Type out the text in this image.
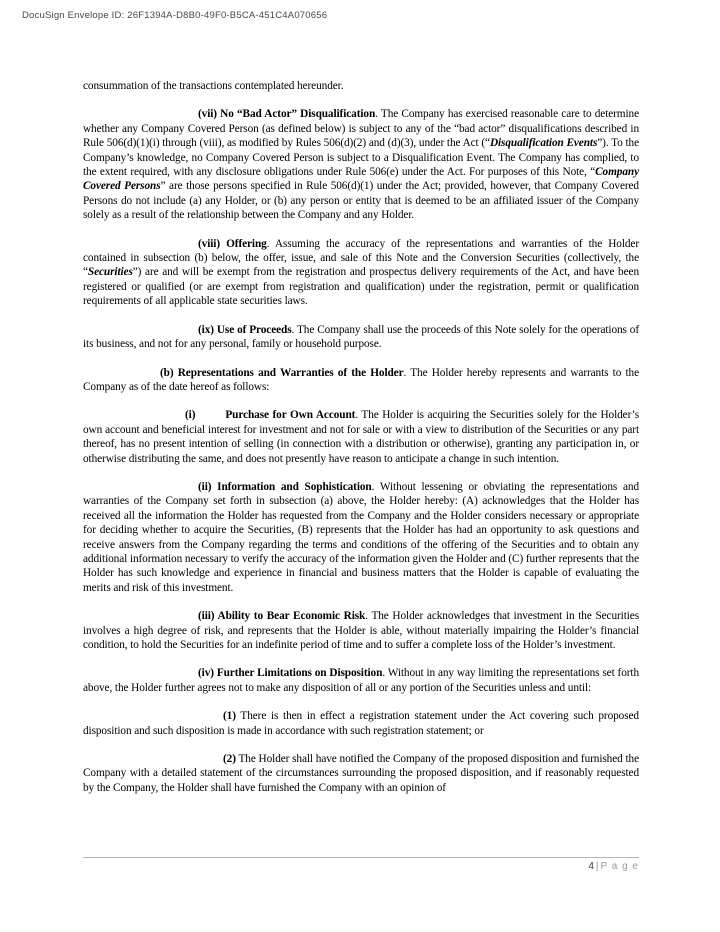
DocuSign Envelope ID: 26F1394A-D8B0-49F0-B5CA-451C4A070656

consummation of the transactions contemplated hereunder.

(vii) No “Bad Actor” Disqualification. The Company has exercised reasonable care to determine whether any Company Covered Person (as defined below) is subject to any of the “bad actor” disqualifications described in Rule 506(d)(1)(i) through (viii), as modified by Rules 506(d)(2) and (d)(3), under the Act (“Disqualification Events”). To the Company’s knowledge, no Company Covered Person is subject to a Disqualification Event. The Company has complied, to the extent required, with any disclosure obligations under Rule 506(e) under the Act. For purposes of this Note, “Company Covered Persons” are those persons specified in Rule 506(d)(1) under the Act; provided, however, that Company Covered Persons do not include (a) any Holder, or (b) any person or entity that is deemed to be an affiliated issuer of the Company solely as a result of the relationship between the Company and any Holder.

(viii) Offering. Assuming the accuracy of the representations and warranties of the Holder contained in subsection (b) below, the offer, issue, and sale of this Note and the Conversion Securities (collectively, the “Securities”) are and will be exempt from the registration and prospectus delivery requirements of the Act, and have been registered or qualified (or are exempt from registration and qualification) under the registration, permit or qualification requirements of all applicable state securities laws.

(ix) Use of Proceeds. The Company shall use the proceeds of this Note solely for the operations of its business, and not for any personal, family or household purpose.

(b) Representations and Warranties of the Holder. The Holder hereby represents and warrants to the Company as of the date hereof as follows:

(i)	Purchase for Own Account. The Holder is acquiring the Securities solely for the Holder’s own account and beneficial interest for investment and not for sale or with a view to distribution of the Securities or any part thereof, has no present intention of selling (in connection with a distribution or otherwise), granting any participation in, or otherwise distributing the same, and does not presently have reason to anticipate a change in such intention.

(ii) Information and Sophistication. Without lessening or obviating the representations and warranties of the Company set forth in subsection (a) above, the Holder hereby: (A) acknowledges that the Holder has received all the information the Holder has requested from the Company and the Holder considers necessary or appropriate for deciding whether to acquire the Securities, (B) represents that the Holder has had an opportunity to ask questions and receive answers from the Company regarding the terms and conditions of the offering of the Securities and to obtain any additional information necessary to verify the accuracy of the information given the Holder and (C) further represents that the Holder has such knowledge and experience in financial and business matters that the Holder is capable of evaluating the merits and risk of this investment.

(iii) Ability to Bear Economic Risk. The Holder acknowledges that investment in the Securities involves a high degree of risk, and represents that the Holder is able, without materially impairing the Holder’s financial condition, to hold the Securities for an indefinite period of time and to suffer a complete loss of the Holder’s investment.

(iv) Further Limitations on Disposition. Without in any way limiting the representations set forth above, the Holder further agrees not to make any disposition of all or any portion of the Securities unless and until:

(1) There is then in effect a registration statement under the Act covering such proposed disposition and such disposition is made in accordance with such registration statement; or

(2) The Holder shall have notified the Company of the proposed disposition and furnished the Company with a detailed statement of the circumstances surrounding the proposed disposition, and if reasonably requested by the Company, the Holder shall have furnished the Company with an opinion of

4 | P a g e
